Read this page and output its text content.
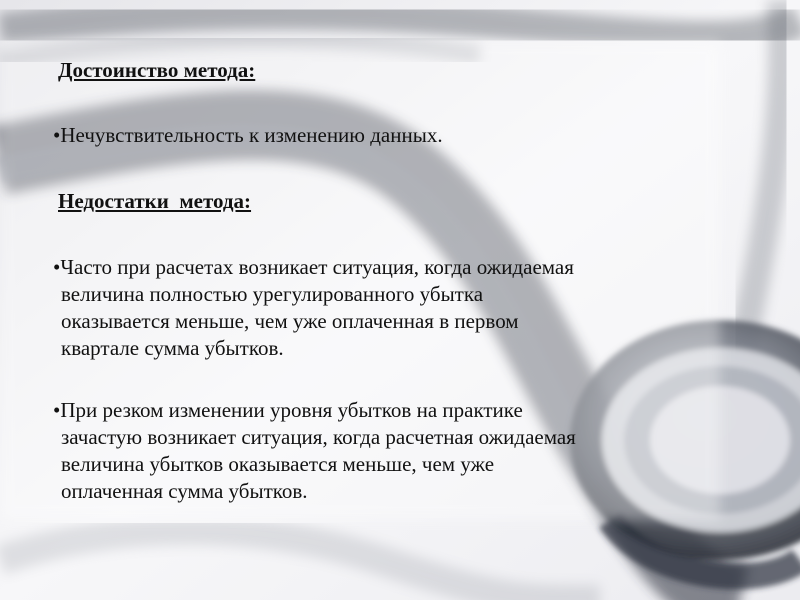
Достоинство метода:

•Нечувствительность к изменению данных.

Недостатки  метода:

•Часто при расчетах возникает ситуация, когда ожидаемая
величина полностью урегулированного убытка
оказывается меньше, чем уже оплаченная в первом
квартале сумма убытков.

•При резком изменении уровня убытков на практике
зачастую возникает ситуация, когда расчетная ожидаемая
величина убытков оказывается меньше, чем уже
оплаченная сумма убытков.
